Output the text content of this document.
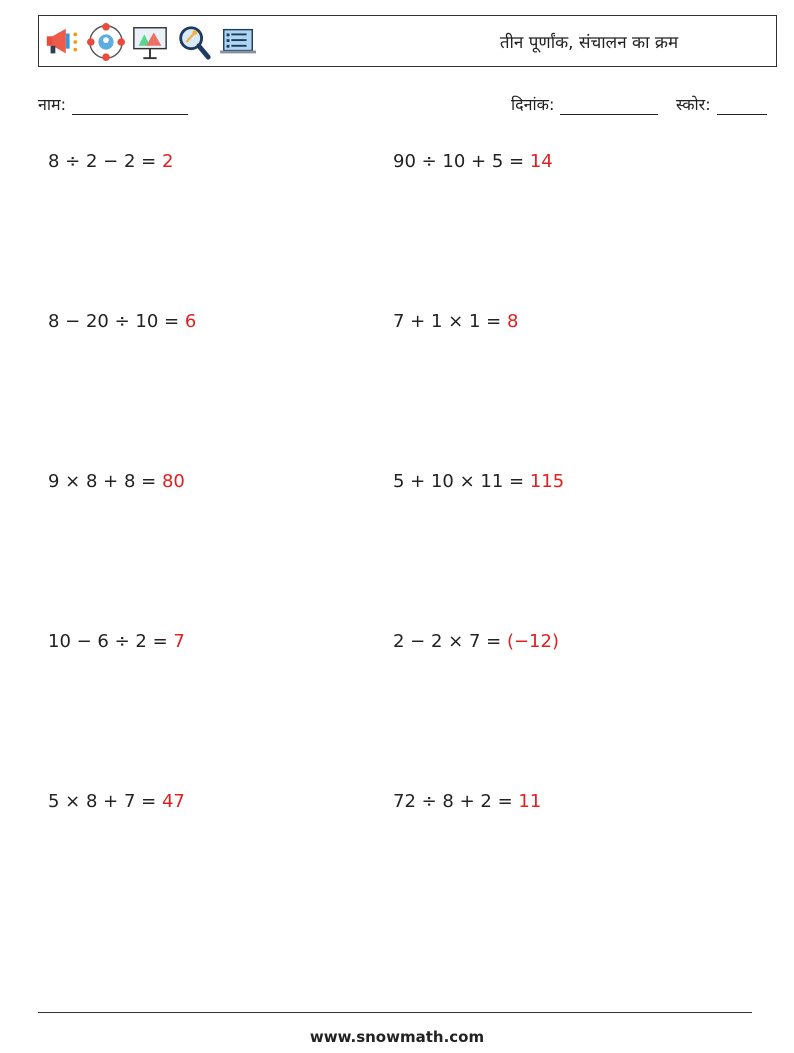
तीन पूर्णांक, संचालन का क्रम
नाम:	दिनांक:	स्कोर:
8 ÷ 2 − 2 = 2	90 ÷ 10 + 5 = 14
8 − 20 ÷ 10 = 6	7 + 1 × 1 = 8
9 × 8 + 8 = 80	5 + 10 × 11 = 115
10 − 6 ÷ 2 = 7	2 − 2 × 7 = (−12)
5 × 8 + 7 = 47	72 ÷ 8 + 2 = 11
www.snowmath.com
